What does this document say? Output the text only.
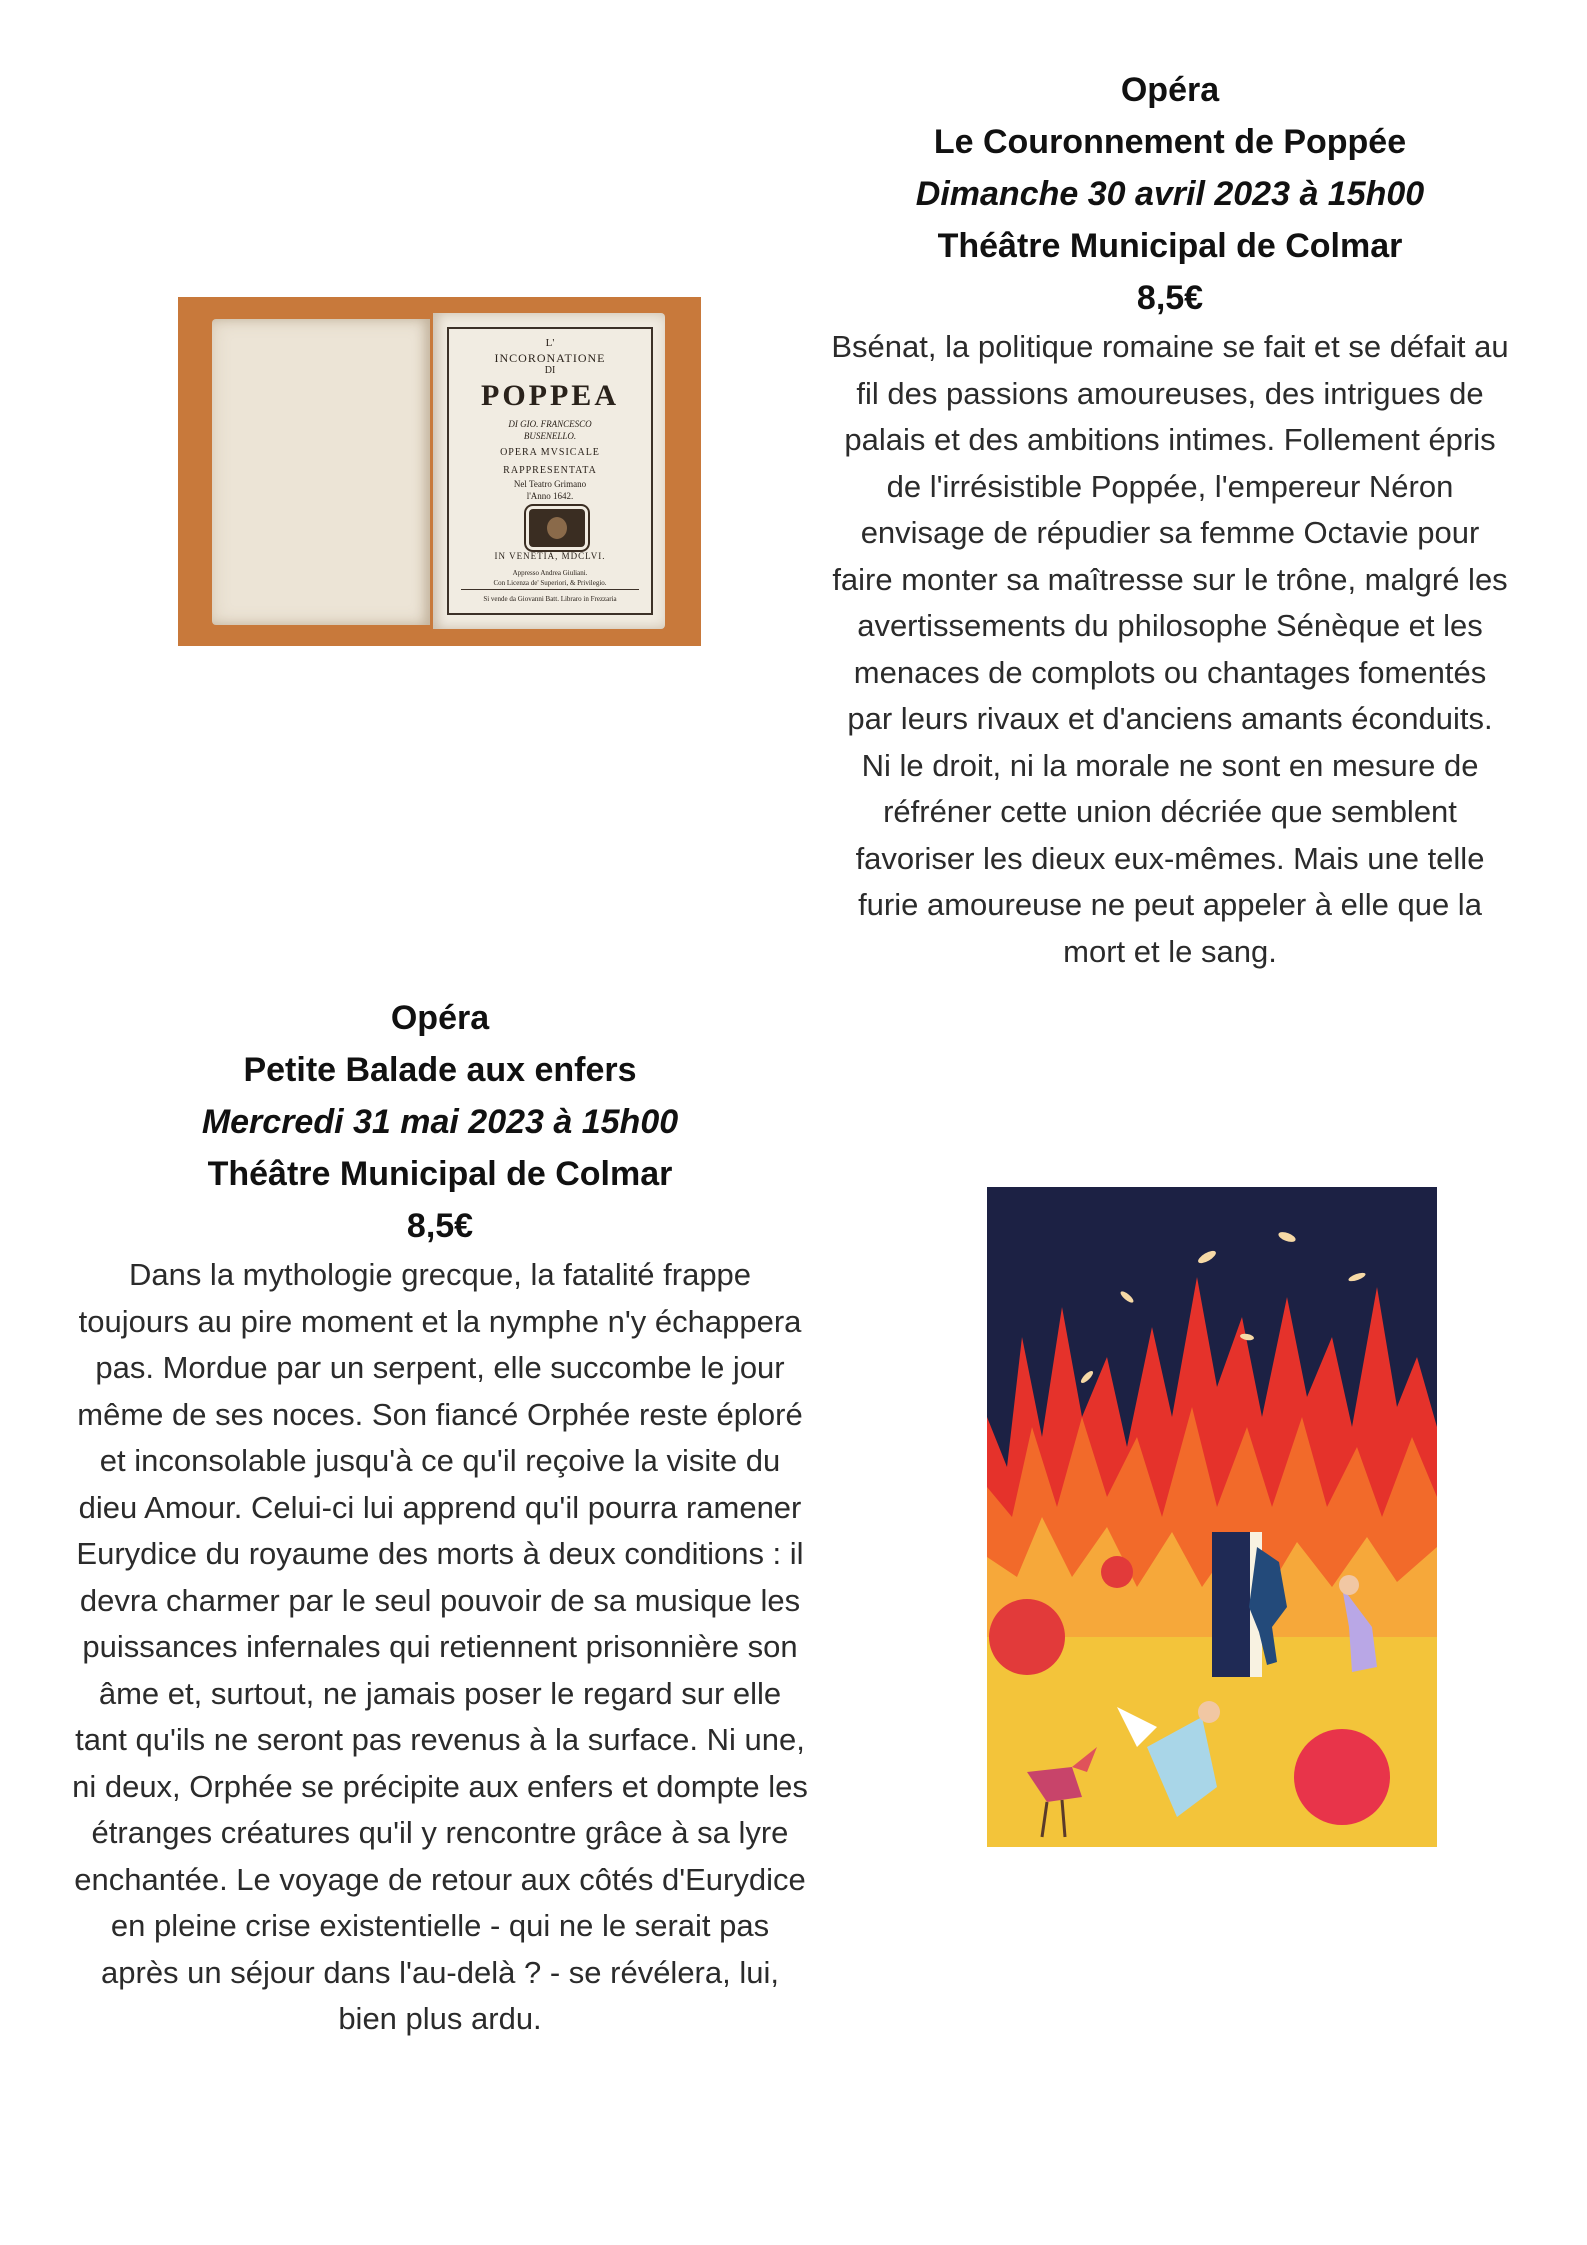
Opéra
Le Couronnement de Poppée
Dimanche 30 avril 2023 à 15h00
Théâtre Municipal de Colmar
8,5€

Bsénat, la politique romaine se fait et se défait au fil des passions amoureuses, des intrigues de palais et des ambitions intimes. Follement épris de l'irrésistible Poppée, l'empereur Néron envisage de répudier sa femme Octavie pour faire monter sa maîtresse sur le trône, malgré les avertissements du philosophe Sénèque et les menaces de complots ou chantages fomentés par leurs rivaux et d'anciens amants éconduits. Ni le droit, ni la morale ne sont en mesure de réfréner cette union décriée que semblent favoriser les dieux eux-mêmes. Mais une telle furie amoureuse ne peut appeler à elle que la mort et le sang.

L'
INCORONATIONE
DI
POPPEA
DI GIO. FRANCESCO
BUSENELLO.
OPERA MVSICALE
RAPPRESENTATA
Nel Teatro Grimano
l'Anno 1642.
IN VENETIA, MDCLVI.
Appresso Andrea Giuliani.
Con Licenza de' Superiori, & Privilegio.
Si vende da Giovanni Batt. Libraro in Frezzaria
Opéra
Petite Balade aux enfers
Mercredi 31 mai 2023 à 15h00
Théâtre Municipal de Colmar
8,5€

Dans la mythologie grecque, la fatalité frappe toujours au pire moment et la nymphe n'y échappera pas. Mordue par un serpent, elle succombe le jour même de ses noces. Son fiancé Orphée reste éploré et inconsolable jusqu'à ce qu'il reçoive la visite du dieu Amour. Celui-ci lui apprend qu'il pourra ramener Eurydice du royaume des morts à deux conditions : il devra charmer par le seul pouvoir de sa musique les puissances infernales qui retiennent prisonnière son âme et, surtout, ne jamais poser le regard sur elle tant qu'ils ne seront pas revenus à la surface. Ni une, ni deux, Orphée se précipite aux enfers et dompte les étranges créatures qu'il y rencontre grâce à sa lyre enchantée. Le voyage de retour aux côtés d'Eurydice en pleine crise existentielle - qui ne le serait pas après un séjour dans l'au-delà ? - se révélera, lui, bien plus ardu.
